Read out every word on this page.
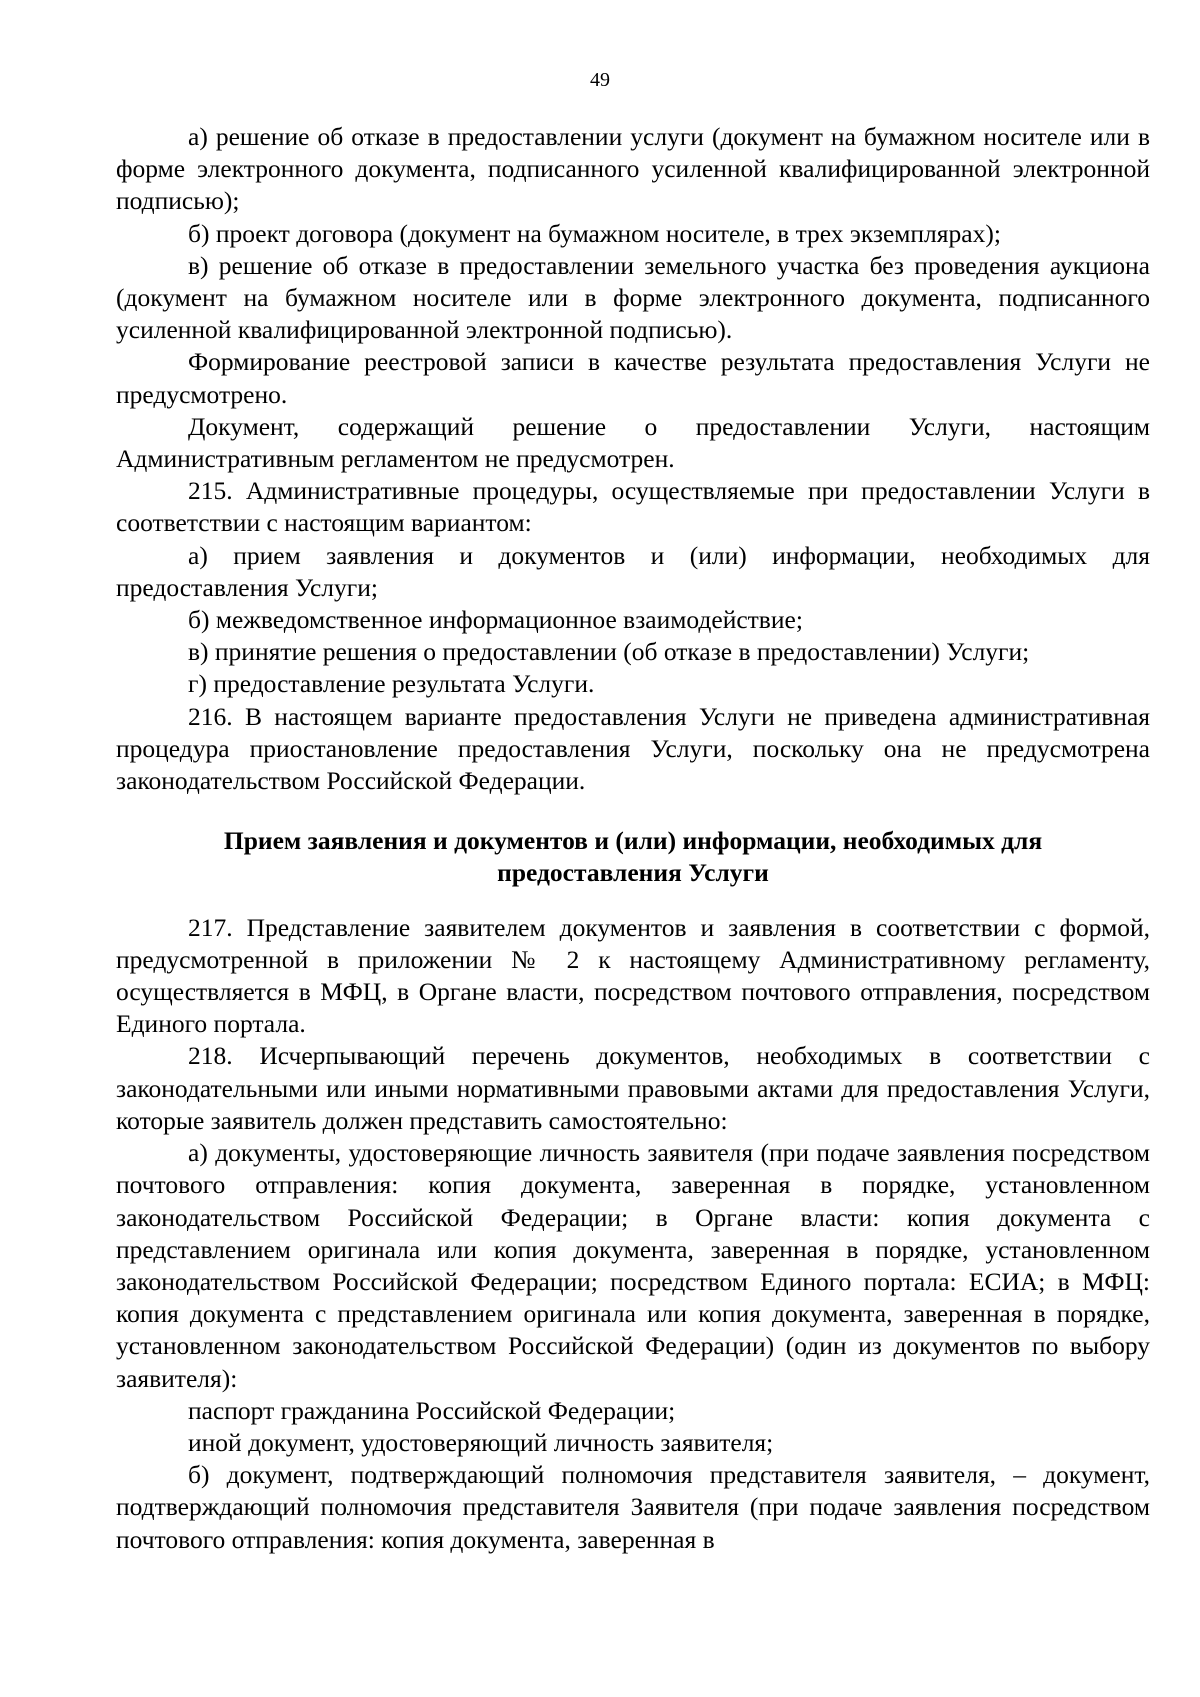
49

а) решение об отказе в предоставлении услуги (документ на бумажном носителе или в форме электронного документа, подписанного усиленной квалифицированной электронной подписью);

б) проект договора (документ на бумажном носителе, в трех экземплярах);

в) решение об отказе в предоставлении земельного участка без проведения аукциона (документ на бумажном носителе или в форме электронного документа, подписанного усиленной квалифицированной электронной подписью).

Формирование реестровой записи в качестве результата предоставления Услуги не предусмотрено.

Документ, содержащий решение о предоставлении Услуги, настоящим Административным регламентом не предусмотрен.

215. Административные процедуры, осуществляемые при предоставлении Услуги в соответствии с настоящим вариантом:

а) прием заявления и документов и (или) информации, необходимых для предоставления Услуги;

б) межведомственное информационное взаимодействие;

в) принятие решения о предоставлении (об отказе в предоставлении) Услуги;

г) предоставление результата Услуги.

216. В настоящем варианте предоставления Услуги не приведена административная процедура приостановление предоставления Услуги, поскольку она не предусмотрена законодательством Российской Федерации.

Прием заявления и документов и (или) информации, необходимых для предоставления Услуги

217. Представление заявителем документов и заявления в соответствии с формой, предусмотренной в приложении № 2 к настоящему Административному регламенту, осуществляется в МФЦ, в Органе власти, посредством почтового отправления, посредством Единого портала.

218. Исчерпывающий перечень документов, необходимых в соответствии с законодательными или иными нормативными правовыми актами для предоставления Услуги, которые заявитель должен представить самостоятельно:

а) документы, удостоверяющие личность заявителя (при подаче заявления посредством почтового отправления: копия документа, заверенная в порядке, установленном законодательством Российской Федерации; в Органе власти: копия документа с представлением оригинала или копия документа, заверенная в порядке, установленном законодательством Российской Федерации; посредством Единого портала: ЕСИА; в МФЦ: копия документа с представлением оригинала или копия документа, заверенная в порядке, установленном законодательством Российской Федерации) (один из документов по выбору заявителя):

паспорт гражданина Российской Федерации;

иной документ, удостоверяющий личность заявителя;

б) документ, подтверждающий полномочия представителя заявителя, – документ, подтверждающий полномочия представителя Заявителя (при подаче заявления посредством почтового отправления: копия документа, заверенная в
